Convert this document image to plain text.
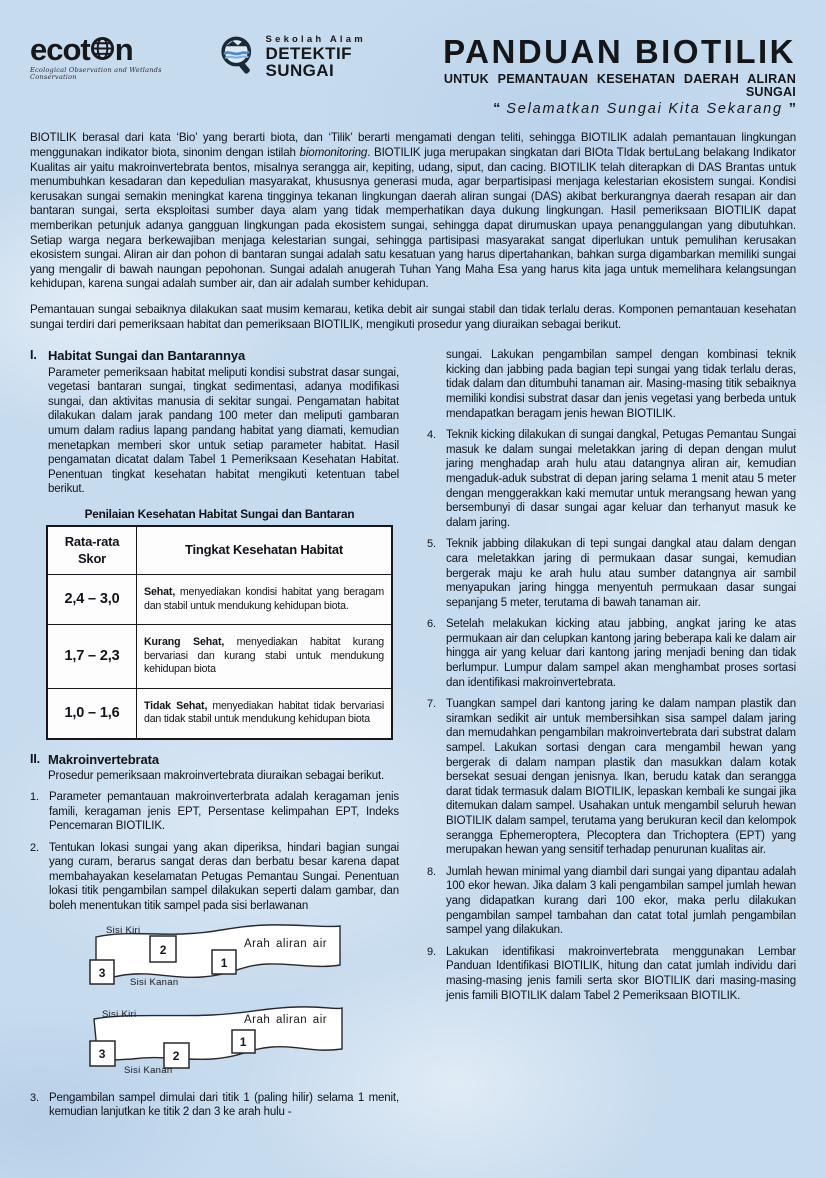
ecot n
Ecological Observation and Wetlands Conservation
Sekolah Alam
DETEKTIF SUNGAI
PANDUAN BIOTILIK
UNTUK PEMANTAUAN KESEHATAN DAERAH ALIRAN SUNGAI
“ Selamatkan Sungai Kita Sekarang ”

BIOTILIK berasal dari kata ‘Bio’ yang berarti biota, dan ‘Tilik’ berarti mengamati dengan teliti, sehingga BIOTILIK adalah pemantauan lingkungan menggunakan indikator biota, sinonim dengan istilah biomonitoring. BIOTILIK juga merupakan singkatan dari BIOta TIdak bertuLang belakang Indikator Kualitas air yaitu makroinvertebrata bentos, misalnya serangga air, kepiting, udang, siput, dan cacing. BIOTILIK telah diterapkan di DAS Brantas untuk menumbuhkan kesadaran dan kepedulian masyarakat, khususnya generasi muda, agar berpartisipasi menjaga kelestarian ekosistem sungai. Kondisi kerusakan sungai semakin meningkat karena tingginya tekanan lingkungan daerah aliran sungai (DAS) akibat berkurangnya daerah resapan air dan bantaran sungai, serta eksploitasi sumber daya alam yang tidak memperhatikan daya dukung lingkungan. Hasil pemeriksaan BIOTILIK dapat memberikan petunjuk adanya gangguan lingkungan pada ekosistem sungai, sehingga dapat dirumuskan upaya penanggulangan yang dibutuhkan. Setiap warga negara berkewajiban menjaga kelestarian sungai, sehingga partisipasi masyarakat sangat diperlukan untuk pemulihan kerusakan ekosistem sungai. Aliran air dan pohon di bantaran sungai adalah satu kesatuan yang harus dipertahankan, bahkan surga digambarkan memiliki sungai yang mengalir di bawah naungan pepohonan. Sungai adalah anugerah Tuhan Yang Maha Esa yang harus kita jaga untuk memelihara kelangsungan kehidupan, karena sungai adalah sumber air, dan air adalah sumber kehidupan.

Pemantauan sungai sebaiknya dilakukan saat musim kemarau, ketika debit air sungai stabil dan tidak terlalu deras. Komponen pemantauan kesehatan sungai terdiri dari pemeriksaan habitat dan pemeriksaan BIOTILIK, mengikuti prosedur yang diuraikan sebagai berikut.

I. Habitat Sungai dan Bantarannya
Parameter pemeriksaan habitat meliputi kondisi substrat dasar sungai, vegetasi bantaran sungai, tingkat sedimentasi, adanya modifikasi sungai, dan aktivitas manusia di sekitar sungai. Pengamatan habitat dilakukan dalam jarak pandang 100 meter dan meliputi gambaran umum dalam radius lapang pandang habitat yang diamati, kemudian menetapkan memberi skor untuk setiap parameter habitat. Hasil pengamatan dicatat dalam Tabel 1 Pemeriksaan Kesehatan Habitat. Penentuan tingkat kesehatan habitat mengikuti ketentuan tabel berikut.
Penilaian Kesehatan Habitat Sungai dan Bantaran
Rata-rata Skor	Tingkat Kesehatan Habitat
2,4 – 3,0	Sehat, menyediakan kondisi habitat yang beragam dan stabil untuk mendukung kehidupan biota.
1,7 – 2,3	Kurang Sehat, menyediakan habitat kurang bervariasi dan kurang stabi untuk mendukung kehidupan biota
1,0 – 1,6	Tidak Sehat, menyediakan habitat tidak bervariasi dan tidak stabil untuk mendukung kehidupan biota
II. Makroinvertebrata
Prosedur pemeriksaan makroinvertebrata diuraikan sebagai berikut.
1. Parameter pemantauan makroinverterbrata adalah keragaman jenis famili, keragaman jenis EPT, Persentase kelimpahan EPT, Indeks Pencemaran BIOTILIK.
2. Tentukan lokasi sungai yang akan diperiksa, hindari bagian sungai yang curam, berarus sangat deras dan berbatu besar karena dapat membahayakan keselamatan Petugas Pemantau Sungai. Penentuan lokasi titik pengambilan sampel dilakukan seperti dalam gambar, dan boleh menentukan titik sampel pada sisi berlawanan
2
1
3
Sisi Kiri
Arah aliran air
Sisi Kanan
1
2
3
Sisi Kiri	Arah aliran air
Sisi Kanan
3. Pengambilan sampel dimulai dari titik 1 (paling hilir) selama 1 menit, kemudian lanjutkan ke titik 2 dan 3 ke arah hulu -
sungai. Lakukan pengambilan sampel dengan kombinasi teknik kicking dan jabbing pada bagian tepi sungai yang tidak terlalu deras, tidak dalam dan ditumbuhi tanaman air. Masing-masing titik sebaiknya memiliki kondisi substrat dasar dan jenis vegetasi yang berbeda untuk mendapatkan beragam jenis hewan BIOTILIK.
4. Teknik kicking dilakukan di sungai dangkal, Petugas Pemantau Sungai masuk ke dalam sungai meletakkan jaring di depan dengan mulut jaring menghadap arah hulu atau datangnya aliran air, kemudian mengaduk-aduk substrat di depan jaring selama 1 menit atau 5 meter dengan menggerakkan kaki memutar untuk merangsang hewan yang bersembunyi di dasar sungai agar keluar dan terhanyut masuk ke dalam jaring.
5. Teknik jabbing dilakukan di tepi sungai dangkal atau dalam dengan cara meletakkan jaring di permukaan dasar sungai, kemudian bergerak maju ke arah hulu atau sumber datangnya air sambil menyapukan jaring hingga menyentuh permukaan dasar sungai sepanjang 5 meter, terutama di bawah tanaman air.
6. Setelah melakukan kicking atau jabbing, angkat jaring ke atas permukaan air dan celupkan kantong jaring beberapa kali ke dalam air hingga air yang keluar dari kantong jaring menjadi bening dan tidak berlumpur. Lumpur dalam sampel akan menghambat proses sortasi dan identifikasi makroinvertebrata.
7. Tuangkan sampel dari kantong jaring ke dalam nampan plastik dan siramkan sedikit air untuk membersihkan sisa sampel dalam jaring dan memudahkan pengambilan makroinvertebrata dari substrat dalam sampel. Lakukan sortasi dengan cara mengambil hewan yang bergerak di dalam nampan plastik dan masukkan dalam kotak bersekat sesuai dengan jenisnya. Ikan, berudu katak dan serangga darat tidak termasuk dalam BIOTILIK, lepaskan kembali ke sungai jika ditemukan dalam sampel. Usahakan untuk mengambil seluruh hewan BIOTILIK dalam sampel, terutama yang berukuran kecil dan kelompok serangga Ephemeroptera, Plecoptera dan Trichoptera (EPT) yang merupakan hewan yang sensitif terhadap penurunan kualitas air.
8. Jumlah hewan minimal yang diambil dari sungai yang dipantau adalah 100 ekor hewan. Jika dalam 3 kali pengambilan sampel jumlah hewan yang didapatkan kurang dari 100 ekor, maka perlu dilakukan pengambilan sampel tambahan dan catat total jumlah pengambilan sampel yang dilakukan.
9. Lakukan identifikasi makroinvertebrata menggunakan Lembar Panduan Identifikasi BIOTILIK, hitung dan catat jumlah individu dari masing-masing jenis famili serta skor BIOTILIK dari masing-masing jenis famili BIOTILIK dalam Tabel 2 Pemeriksaan BIOTILIK.
